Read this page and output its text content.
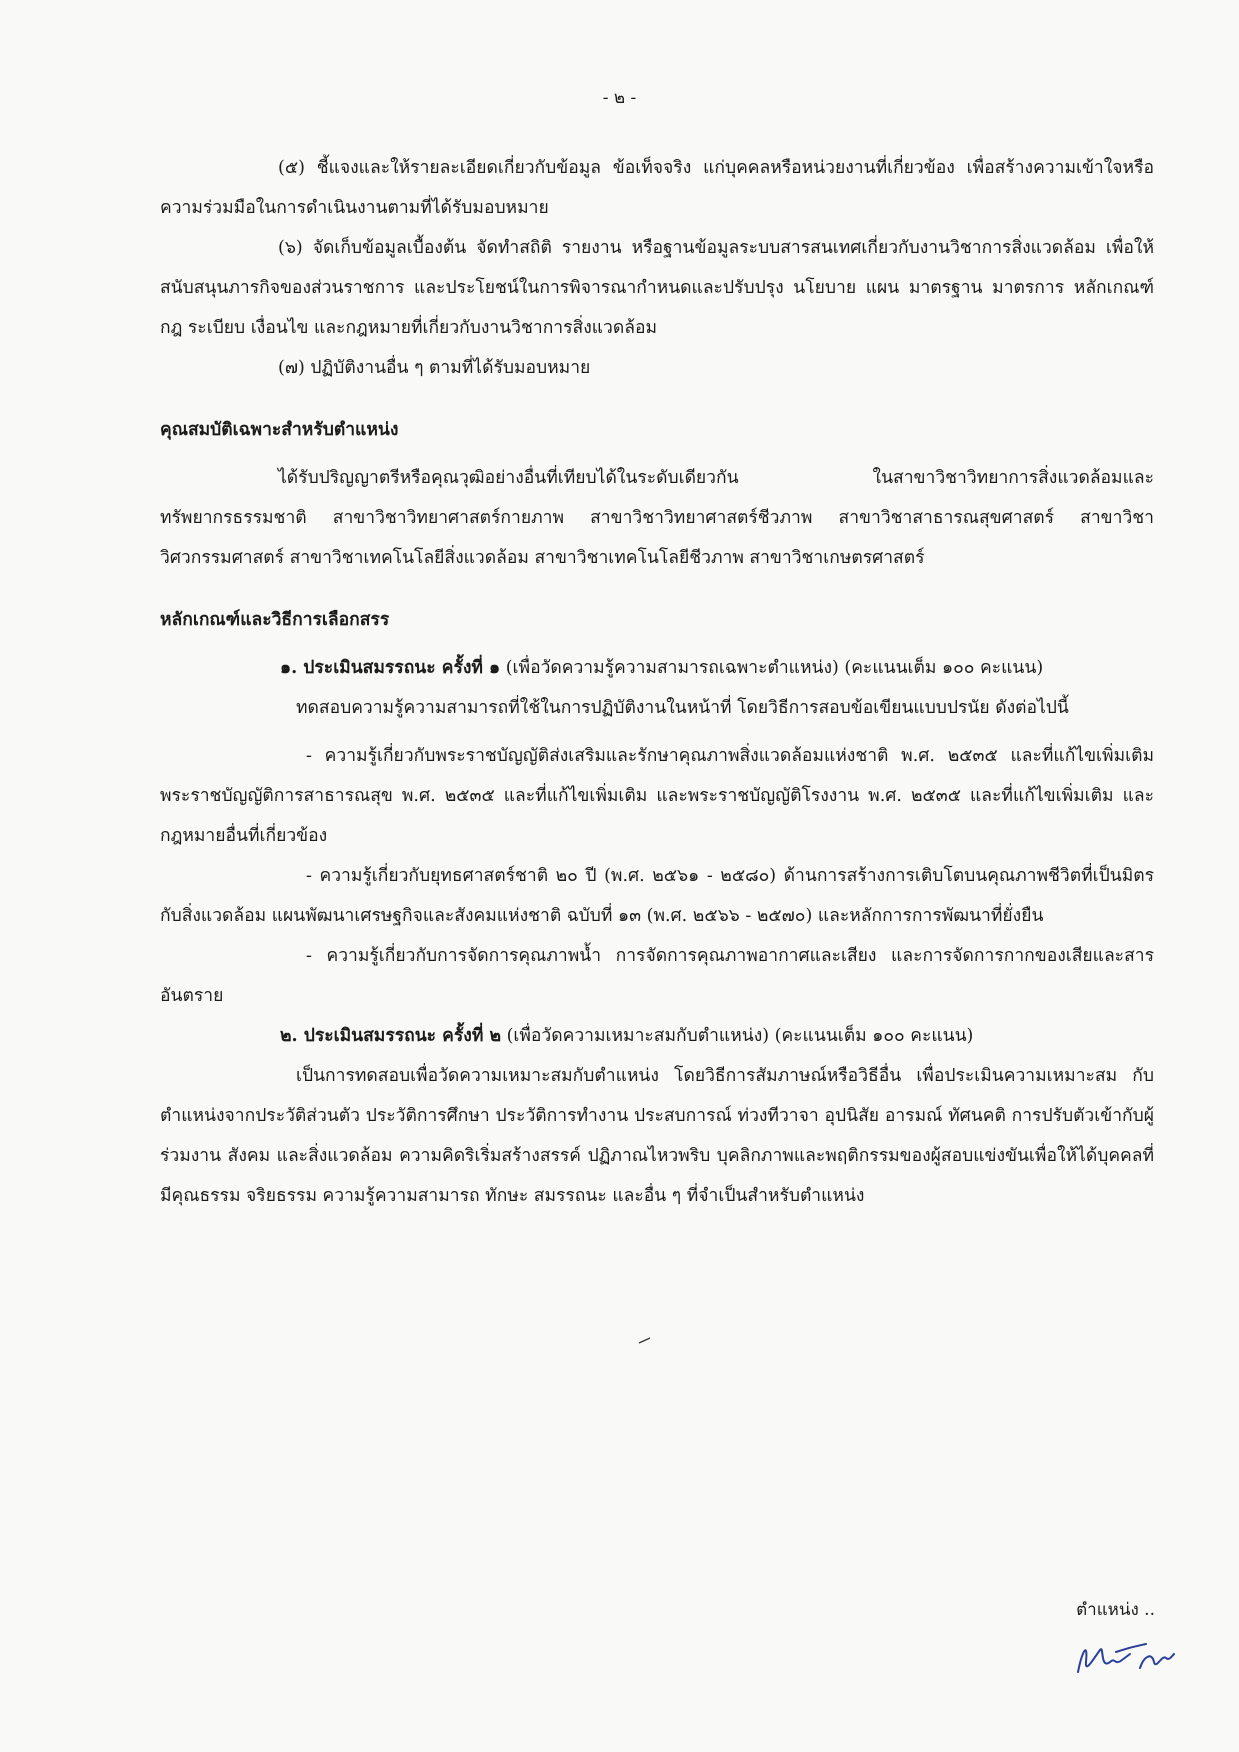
- ๒ -

(๕) ชี้แจงและให้รายละเอียดเกี่ยวกับข้อมูล ข้อเท็จจริง แก่บุคคลหรือหน่วยงานที่เกี่ยวข้อง เพื่อสร้างความเข้าใจหรือความร่วมมือในการดำเนินงานตามที่ได้รับมอบหมาย

(๖) จัดเก็บข้อมูลเบื้องต้น จัดทำสถิติ รายงาน หรือฐานข้อมูลระบบสารสนเทศเกี่ยวกับงานวิชาการสิ่งแวดล้อม เพื่อให้สนับสนุนภารกิจของส่วนราชการ และประโยชน์ในการพิจารณากำหนดและปรับปรุง นโยบาย แผน มาตรฐาน มาตรการ หลักเกณฑ์ กฎ ระเบียบ เงื่อนไข และกฎหมายที่เกี่ยวกับงานวิชาการสิ่งแวดล้อม

(๗) ปฏิบัติงานอื่น ๆ ตามที่ได้รับมอบหมาย

คุณสมบัติเฉพาะสำหรับตำแหน่ง

ได้รับปริญญาตรีหรือคุณวุฒิอย่างอื่นที่เทียบได้ในระดับเดียวกัน ในสาขาวิชาวิทยาการสิ่งแวดล้อมและทรัพยากรธรรมชาติ สาขาวิชาวิทยาศาสตร์กายภาพ สาขาวิชาวิทยาศาสตร์ชีวภาพ สาขาวิชาสาธารณสุขศาสตร์ สาขาวิชาวิศวกรรมศาสตร์ สาขาวิชาเทคโนโลยีสิ่งแวดล้อม สาขาวิชาเทคโนโลยีชีวภาพ สาขาวิชาเกษตรศาสตร์

หลักเกณฑ์และวิธีการเลือกสรร

๑. ประเมินสมรรถนะ ครั้งที่ ๑ (เพื่อวัดความรู้ความสามารถเฉพาะตำแหน่ง) (คะแนนเต็ม ๑๐๐ คะแนน)

ทดสอบความรู้ความสามารถที่ใช้ในการปฏิบัติงานในหน้าที่ โดยวิธีการสอบข้อเขียนแบบปรนัย ดังต่อไปนี้

- ความรู้เกี่ยวกับพระราชบัญญัติส่งเสริมและรักษาคุณภาพสิ่งแวดล้อมแห่งชาติ พ.ศ. ๒๕๓๕ และที่แก้ไขเพิ่มเติม พระราชบัญญัติการสาธารณสุข พ.ศ. ๒๕๓๕ และที่แก้ไขเพิ่มเติม และพระราชบัญญัติโรงงาน พ.ศ. ๒๕๓๕ และที่แก้ไขเพิ่มเติม และกฎหมายอื่นที่เกี่ยวข้อง

- ความรู้เกี่ยวกับยุทธศาสตร์ชาติ ๒๐ ปี (พ.ศ. ๒๕๖๑ - ๒๕๘๐) ด้านการสร้างการเติบโตบนคุณภาพชีวิตที่เป็นมิตรกับสิ่งแวดล้อม แผนพัฒนาเศรษฐกิจและสังคมแห่งชาติ ฉบับที่ ๑๓ (พ.ศ. ๒๕๖๖ - ๒๕๗๐) และหลักการการพัฒนาที่ยั่งยืน

- ความรู้เกี่ยวกับการจัดการคุณภาพน้ำ การจัดการคุณภาพอากาศและเสียง และการจัดการกากของเสียและสารอันตราย

๒. ประเมินสมรรถนะ ครั้งที่ ๒ (เพื่อวัดความเหมาะสมกับตำแหน่ง) (คะแนนเต็ม ๑๐๐ คะแนน)

เป็นการทดสอบเพื่อวัดความเหมาะสมกับตำแหน่ง โดยวิธีการสัมภาษณ์หรือวิธีอื่น เพื่อประเมินความเหมาะสม กับตำแหน่งจากประวัติส่วนตัว ประวัติการศึกษา ประวัติการทำงาน ประสบการณ์ ท่วงทีวาจา อุปนิสัย อารมณ์ ทัศนคติ การปรับตัวเข้ากับผู้ร่วมงาน สังคม และสิ่งแวดล้อม ความคิดริเริ่มสร้างสรรค์ ปฏิภาณไหวพริบ บุคลิกภาพและพฤติกรรมของผู้สอบแข่งขันเพื่อให้ได้บุคคลที่มีคุณธรรม จริยธรรม ความรู้ความสามารถ ทักษะ สมรรถนะ และอื่น ๆ ที่จำเป็นสำหรับตำแหน่ง

ตำแหน่ง ..
